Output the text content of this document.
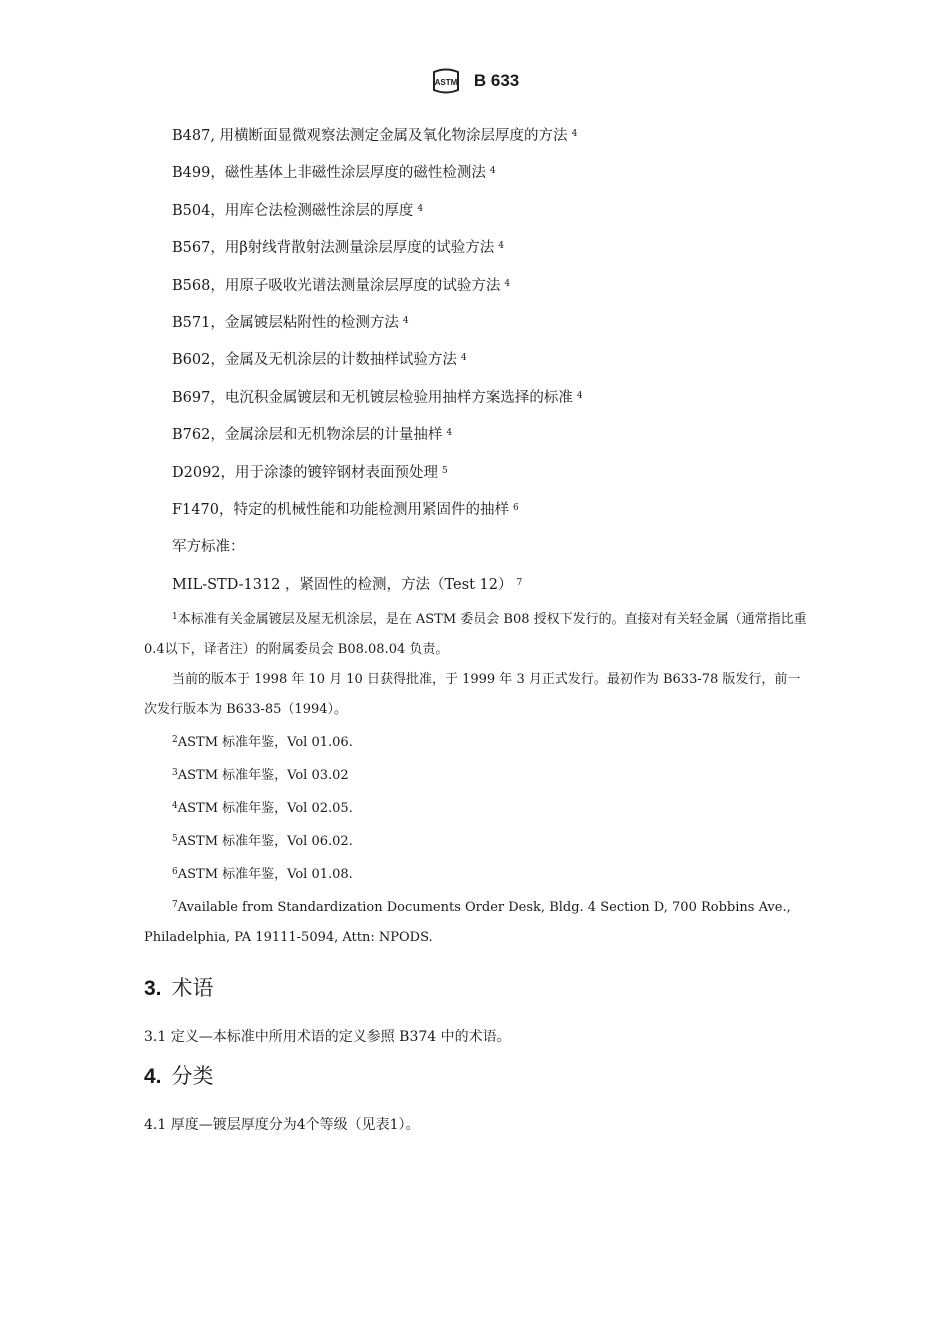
ASTM B 633
B487, 用横断面显微观察法测定金属及氧化物涂层厚度的方法 $^4$
B499，磁性基体上非磁性涂层厚度的磁性检测法 $^4$
B504，用库仑法检测磁性涂层的厚度 $^4$
B567，用β射线背散射法测量涂层厚度的试验方法 $^4$
B568，用原子吸收光谱法测量涂层厚度的试验方法 $^4$
B571，金属镀层粘附性的检测方法 $^4$
B602，金属及无机涂层的计数抽样试验方法 $^4$
B697，电沉积金属镀层和无机镀层检验用抽样方案选择的标准 $^4$
B762，金属涂层和无机物涂层的计量抽样 $^4$
D2092，用于涂漆的镀锌钢材表面预处理 $^5$
F1470，特定的机械性能和功能检测用紧固件的抽样 $^6$
军方标准：
MIL-STD-1312 ，紧固性的检测，方法（Test 12） $^7$

$^1$本标准有关金属镀层及屋无机涂层，是在 ASTM 委员会 B08 授权下发行的。直接对有关轻金属（通常指比重0.4以下，译者注）的附属委员会 B08.08.04 负责。

当前的版本于 1998 年 10 月 10 日获得批准，于 1999 年 3 月正式发行。最初作为 B633-78 版发行，前一次发行版本为 B633-85（1994）。

$^2$ASTM 标准年鉴，Vol 01.06.

$^3$ASTM 标准年鉴，Vol 03.02

$^4$ASTM 标准年鉴，Vol 02.05.

$^5$ASTM 标准年鉴，Vol 06.02.

$^6$ASTM 标准年鉴，Vol 01.08.

$^7$Available from Standardization Documents Order Desk, Bldg. 4 Section D, 700 Robbins Ave., Philadelphia, PA 19111-5094, Attn: NPODS.

3. 术语
3.1 定义—本标准中所用术语的定义参照 B374 中的术语。
4. 分类
4.1 厚度—镀层厚度分为4个等级（见表1）。
